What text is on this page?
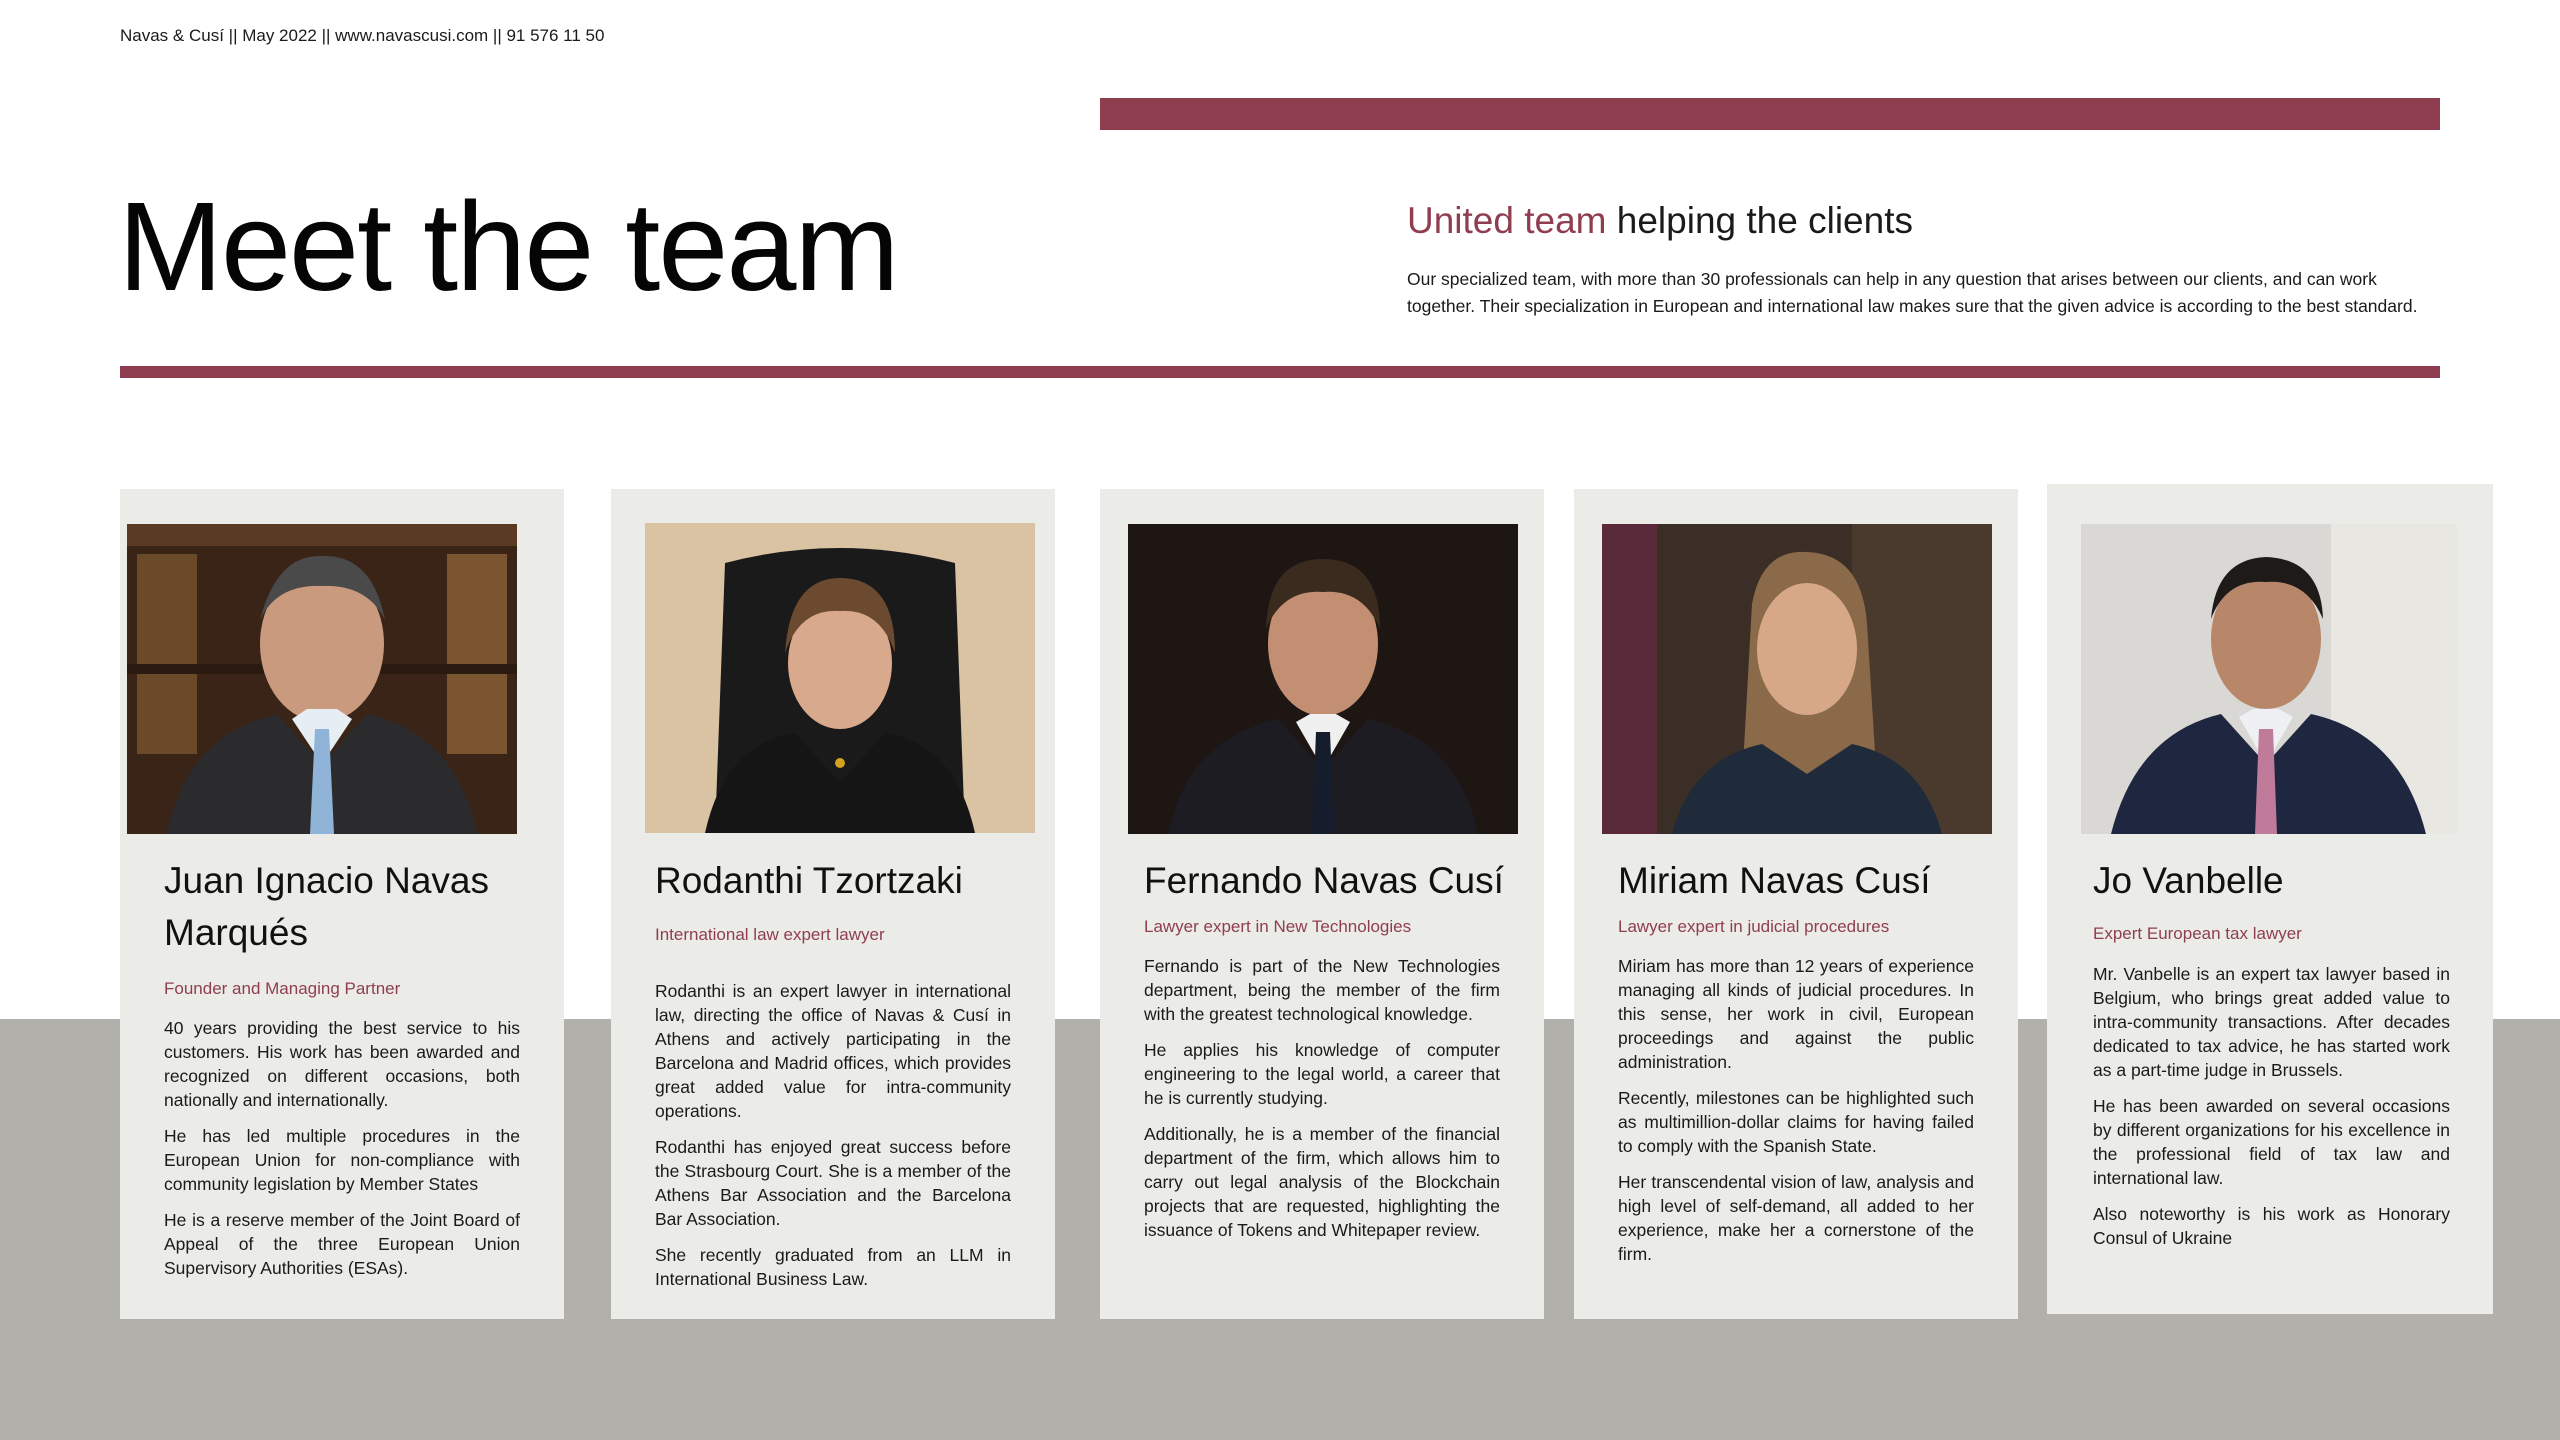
Navas & Cusí || May 2022 || www.navascusi.com || 91 576 11 50
Meet the team	United team helping the clients

Our specialized team, with more than 30 professionals can help in any question that arises between our clients, and can work together. Their specialization in European and international law makes sure that the given advice is according to the best standard.

Juan Ignacio Navas Marqués
Founder and Managing Partner

40 years providing the best service to his customers. His work has been awarded and recognized on different occasions, both nationally and internationally.

He has led multiple procedures in the European Union for non-compliance with community legislation by Member States

He is a reserve member of the Joint Board of Appeal of the three European Union Supervisory Authorities (ESAs).

Rodanthi Tzortzaki
International law expert lawyer

Rodanthi is an expert lawyer in international law, directing the office of Navas & Cusí in Athens and actively participating in the Barcelona and Madrid offices, which provides great added value for intra-community operations.

Rodanthi has enjoyed great success before the Strasbourg Court. She is a member of the Athens Bar Association and the Barcelona Bar Association.

She recently graduated from an LLM in International Business Law.

Fernando Navas Cusí
Lawyer expert in New Technologies

Fernando is part of the New Technologies department, being the member of the firm with the greatest technological knowledge.

He applies his knowledge of computer engineering to the legal world, a career that he is currently studying.

Additionally, he is a member of the financial department of the firm, which allows him to carry out legal analysis of the Blockchain projects that are requested, highlighting the issuance of Tokens and Whitepaper review.

Miriam Navas Cusí
Lawyer expert in judicial procedures

Miriam has more than 12 years of experience managing all kinds of judicial procedures. In this sense, her work in civil, European proceedings and against the public administration.

Recently, milestones can be highlighted such as multimillion-dollar claims for having failed to comply with the Spanish State.

Her transcendental vision of law, analysis and high level of self-demand, all added to her experience, make her a cornerstone of the firm.

Jo Vanbelle
Expert European tax lawyer

Mr. Vanbelle is an expert tax lawyer based in Belgium, who brings great added value to intra-community transactions. After decades dedicated to tax advice, he has started work as a part-time judge in Brussels.

He has been awarded on several occasions by different organizations for his excellence in the professional field of tax law and international law.

Also noteworthy is his work as Honorary Consul of Ukraine
